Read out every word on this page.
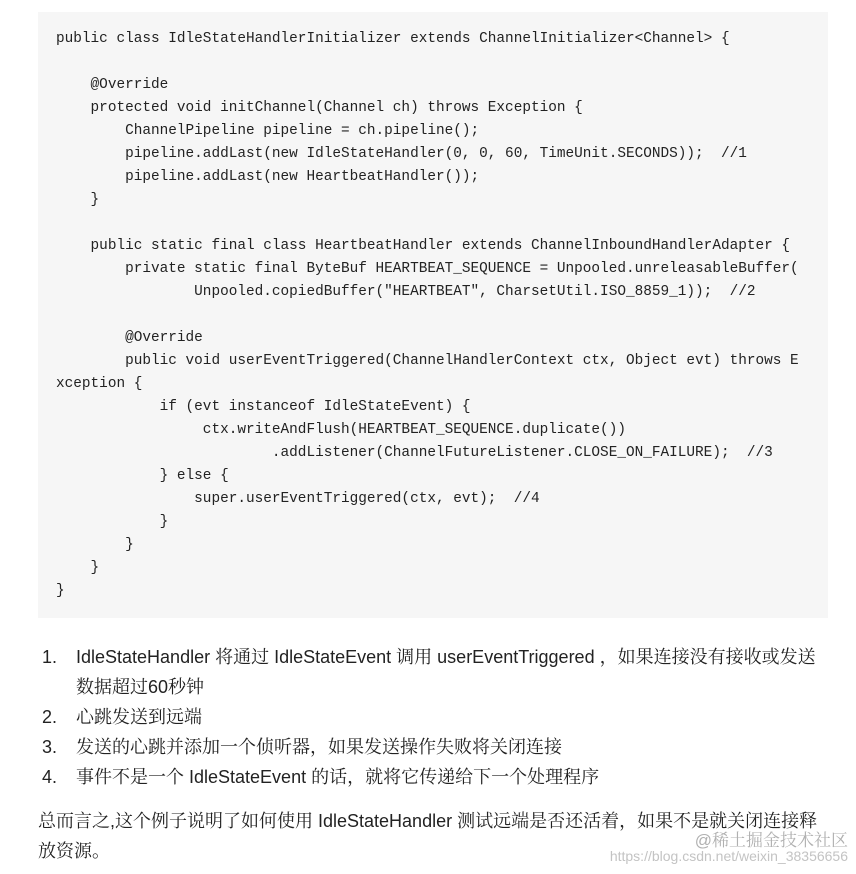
public class IdleStateHandlerInitializer extends ChannelInitializer<Channel> {
@Override
protected void initChannel(Channel ch) throws Exception {
ChannelPipeline pipeline = ch.pipeline();
pipeline.addLast(new IdleStateHandler(0, 0, 60, TimeUnit.SECONDS));  //1
pipeline.addLast(new HeartbeatHandler());
}
public static final class HeartbeatHandler extends ChannelInboundHandlerAdapter {
private static final ByteBuf HEARTBEAT_SEQUENCE = Unpooled.unreleasableBuffer(
Unpooled.copiedBuffer("HEARTBEAT", CharsetUtil.ISO_8859_1));  //2
@Override
public void userEventTriggered(ChannelHandlerContext ctx, Object evt) throws E
xception {
if (evt instanceof IdleStateEvent) {
ctx.writeAndFlush(HEARTBEAT_SEQUENCE.duplicate())
.addListener(ChannelFutureListener.CLOSE_ON_FAILURE);  //3
} else {
super.userEventTriggered(ctx, evt);  //4
}
}
}
}
1.	IdleStateHandler 将通过 IdleStateEvent 调用 userEventTriggered ，如果连接没有接收或发送数据超过60秒钟
2.	心跳发送到远端
3.	发送的心跳并添加一个侦听器，如果发送操作失败将关闭连接
4.	事件不是一个 IdleStateEvent 的话，就将它传递给下一个处理程序

总而言之,这个例子说明了如何使用 IdleStateHandler 测试远端是否还活着，如果不是就关闭连接释放资源。

@稀土掘金技术社区
https://blog.csdn.net/weixin_38356656
